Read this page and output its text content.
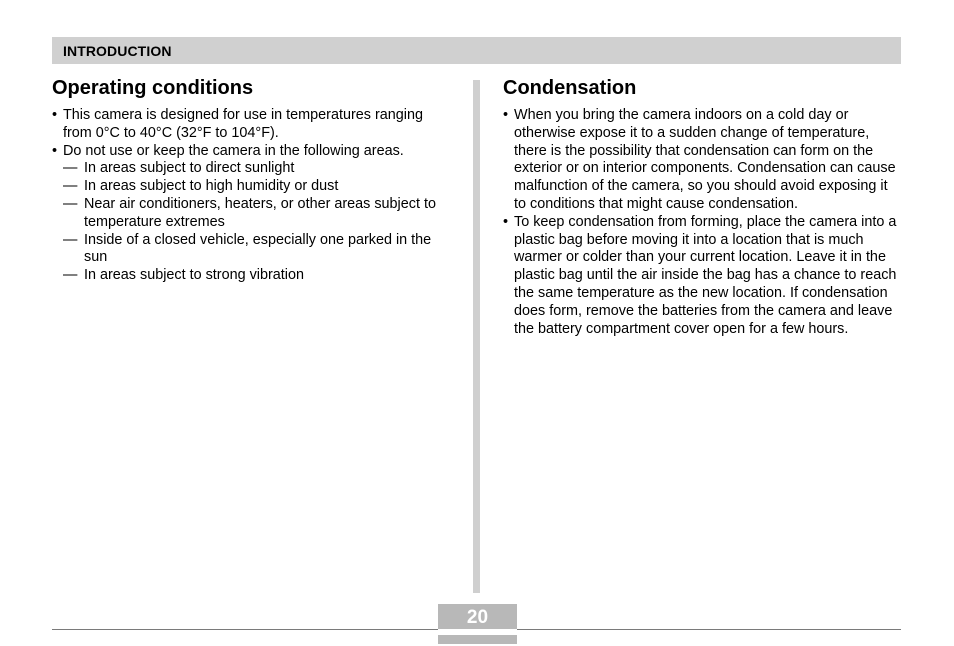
INTRODUCTION
Operating conditions
• This camera is designed for use in temperatures ranging from 0°C to 40°C (32°F to 104°F).
• Do not use or keep the camera in the following areas.
— In areas subject to direct sunlight
— In areas subject to high humidity or dust
— Near air conditioners, heaters, or other areas subject to temperature extremes
— Inside of a closed vehicle, especially one parked in the sun
— In areas subject to strong vibration
Condensation
• When you bring the camera indoors on a cold day or otherwise expose it to a sudden change of temperature, there is the possibility that condensation can form on the exterior or on interior components. Condensation can cause malfunction of the camera, so you should avoid exposing it to conditions that might cause condensation.
• To keep condensation from forming, place the camera into a plastic bag before moving it into a location that is much warmer or colder than your current location. Leave it in the plastic bag until the air inside the bag has a chance to reach the same temperature as the new location. If condensation does form, remove the batteries from the camera and leave the battery compartment cover open for a few hours.
20
